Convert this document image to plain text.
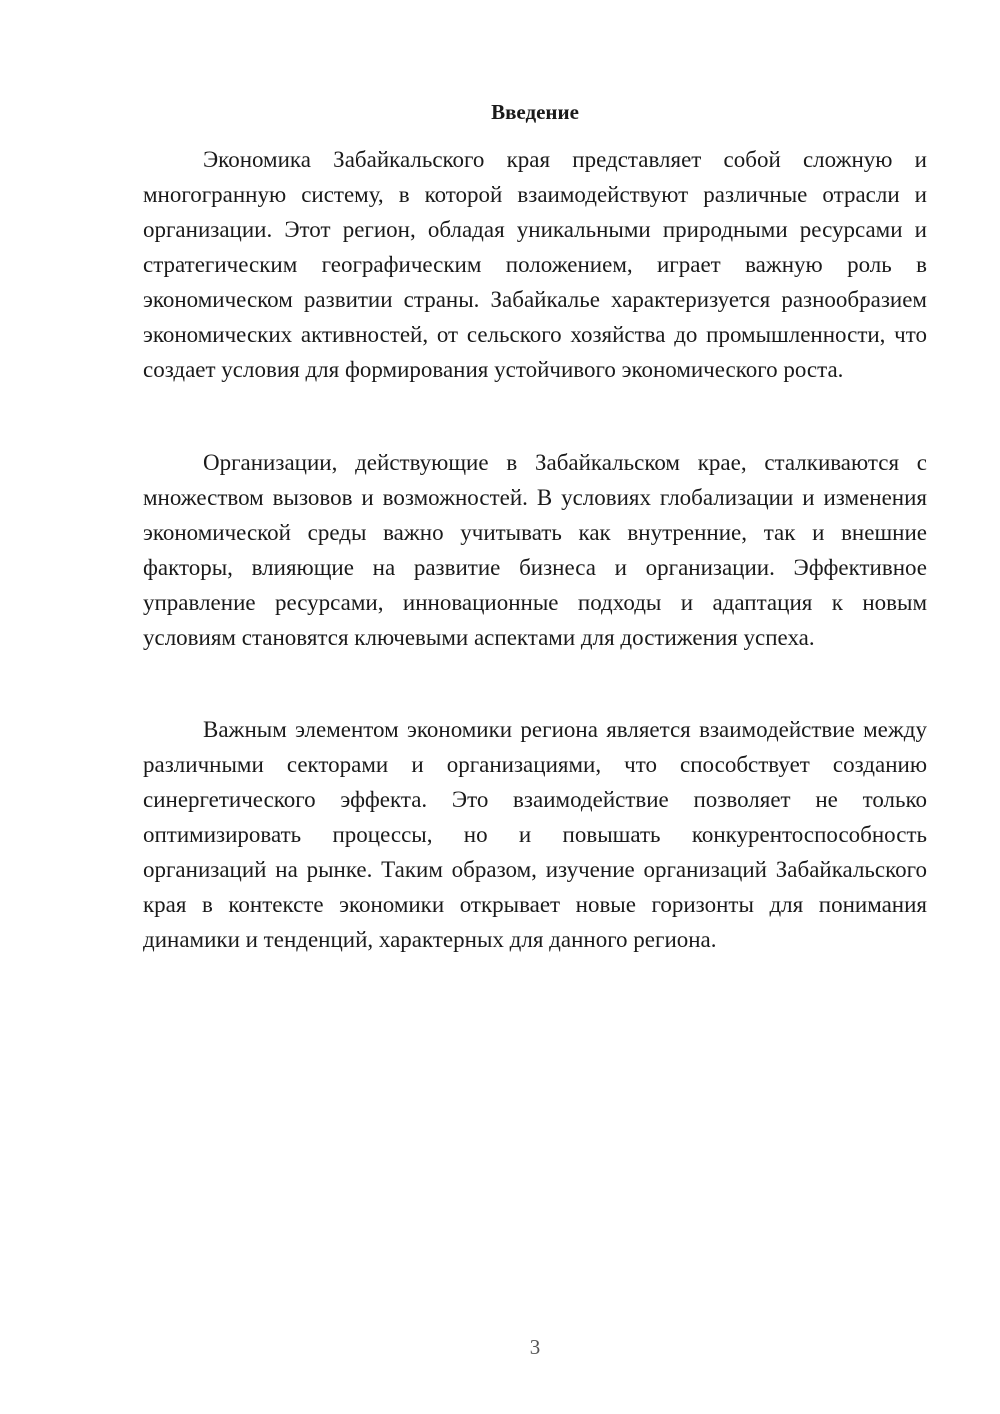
Введение

Экономика Забайкальского края представляет собой сложную и многогранную систему, в которой взаимодействуют различные отрасли и организации. Этот регион, обладая уникальными природными ресурсами и стратегическим географическим положением, играет важную роль в экономическом развитии страны. Забайкалье характеризуется разнообразием экономических активностей, от сельского хозяйства до промышленности, что создает условия для формирования устойчивого экономического роста.

Организации, действующие в Забайкальском крае, сталкиваются с множеством вызовов и возможностей. В условиях глобализации и изменения экономической среды важно учитывать как внутренние, так и внешние факторы, влияющие на развитие бизнеса и организации. Эффективное управление ресурсами, инновационные подходы и адаптация к новым условиям становятся ключевыми аспектами для достижения успеха.

Важным элементом экономики региона является взаимодействие между различными секторами и организациями, что способствует созданию синергетического эффекта. Это взаимодействие позволяет не только оптимизировать процессы, но и повышать конкурентоспособность организаций на рынке. Таким образом, изучение организаций Забайкальского края в контексте экономики открывает новые горизонты для понимания динамики и тенденций, характерных для данного региона.

3
